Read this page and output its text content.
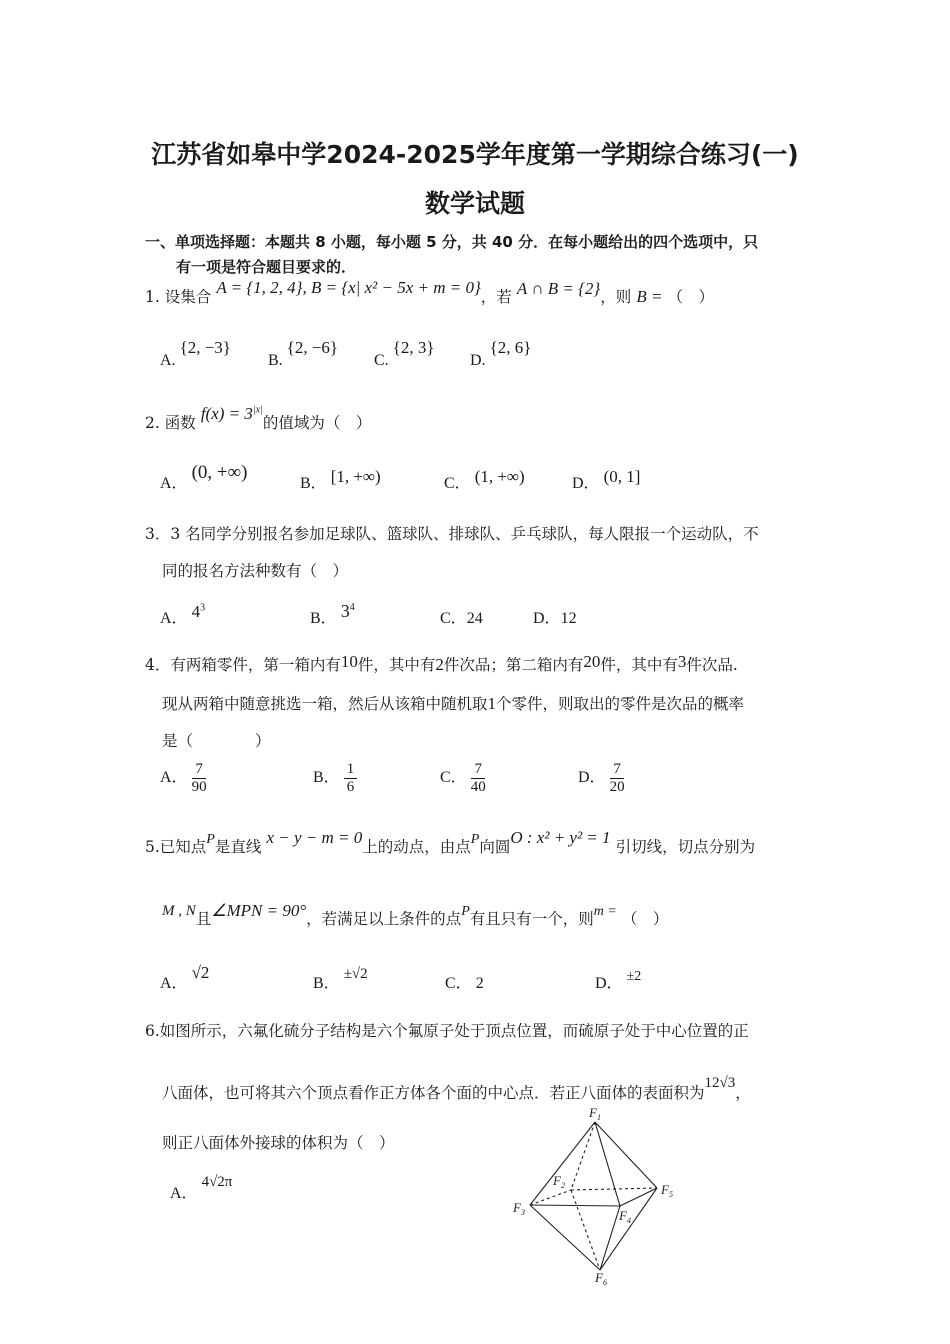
江苏省如皋中学2024-2025学年度第一学期综合练习(一)
数学试题
一、单项选择题：本题共 8 小题，每小题 5 分，共 40 分．在每小题给出的四个选项中，只
有一项是符合题目要求的．
1. 设集合 A = {1, 2, 4}, B = {x| x² − 5x + m = 0}，若 A ∩ B = {2}，则 B = （　）
A. {2, −3}
B. {2, −6}
C. {2, 3}
D. {2, 6}
2. 函数 $f(x) = 3^{|x|}$的值域为（　）
A． (0, +∞)
B． [1, +∞)	C． (1, +∞)	D． (0, 1]
3．3 名同学分别报名参加足球队、篮球队、排球队、乒乓球队，每人限报一个运动队，不
同的报名方法种数有（　）
A． $4^3$
B． $3^4$
C．24	D．12
4．有两箱零件，第一箱内有10件，其中有2件次品；第二箱内有20件，其中有3件次品.
现从两箱中随意挑选一箱，然后从该箱中随机取1个零件，则取出的零件是次品的概率
是（　　　　）
A． $\frac{7}{90}$	B． $\frac{1}{6}$	C． $\frac{7}{40}$	D． $\frac{7}{20}$
5.已知点P是直线 x − y − m = 0上的动点，由点P向圆O : x² + y² = 1 引切线，切点分别为
M , N且∠MPN = 90°，若满足以上条件的点P有且只有一个，则m = （　）
A． √2
B． ±√2
C． 2	D． ±2
6.如图所示，六氟化硫分子结构是六个氟原子处于顶点位置，而硫原子处于中心位置的正
八面体，也可将其六个顶点看作正方体各个面的中心点．若正八面体的表面积为12√3，
则正八面体外接球的体积为（　）
A． 4√2π
$F_1$
$F_2$
$F_3$	$F_4$
$F_5$
$F_6$
